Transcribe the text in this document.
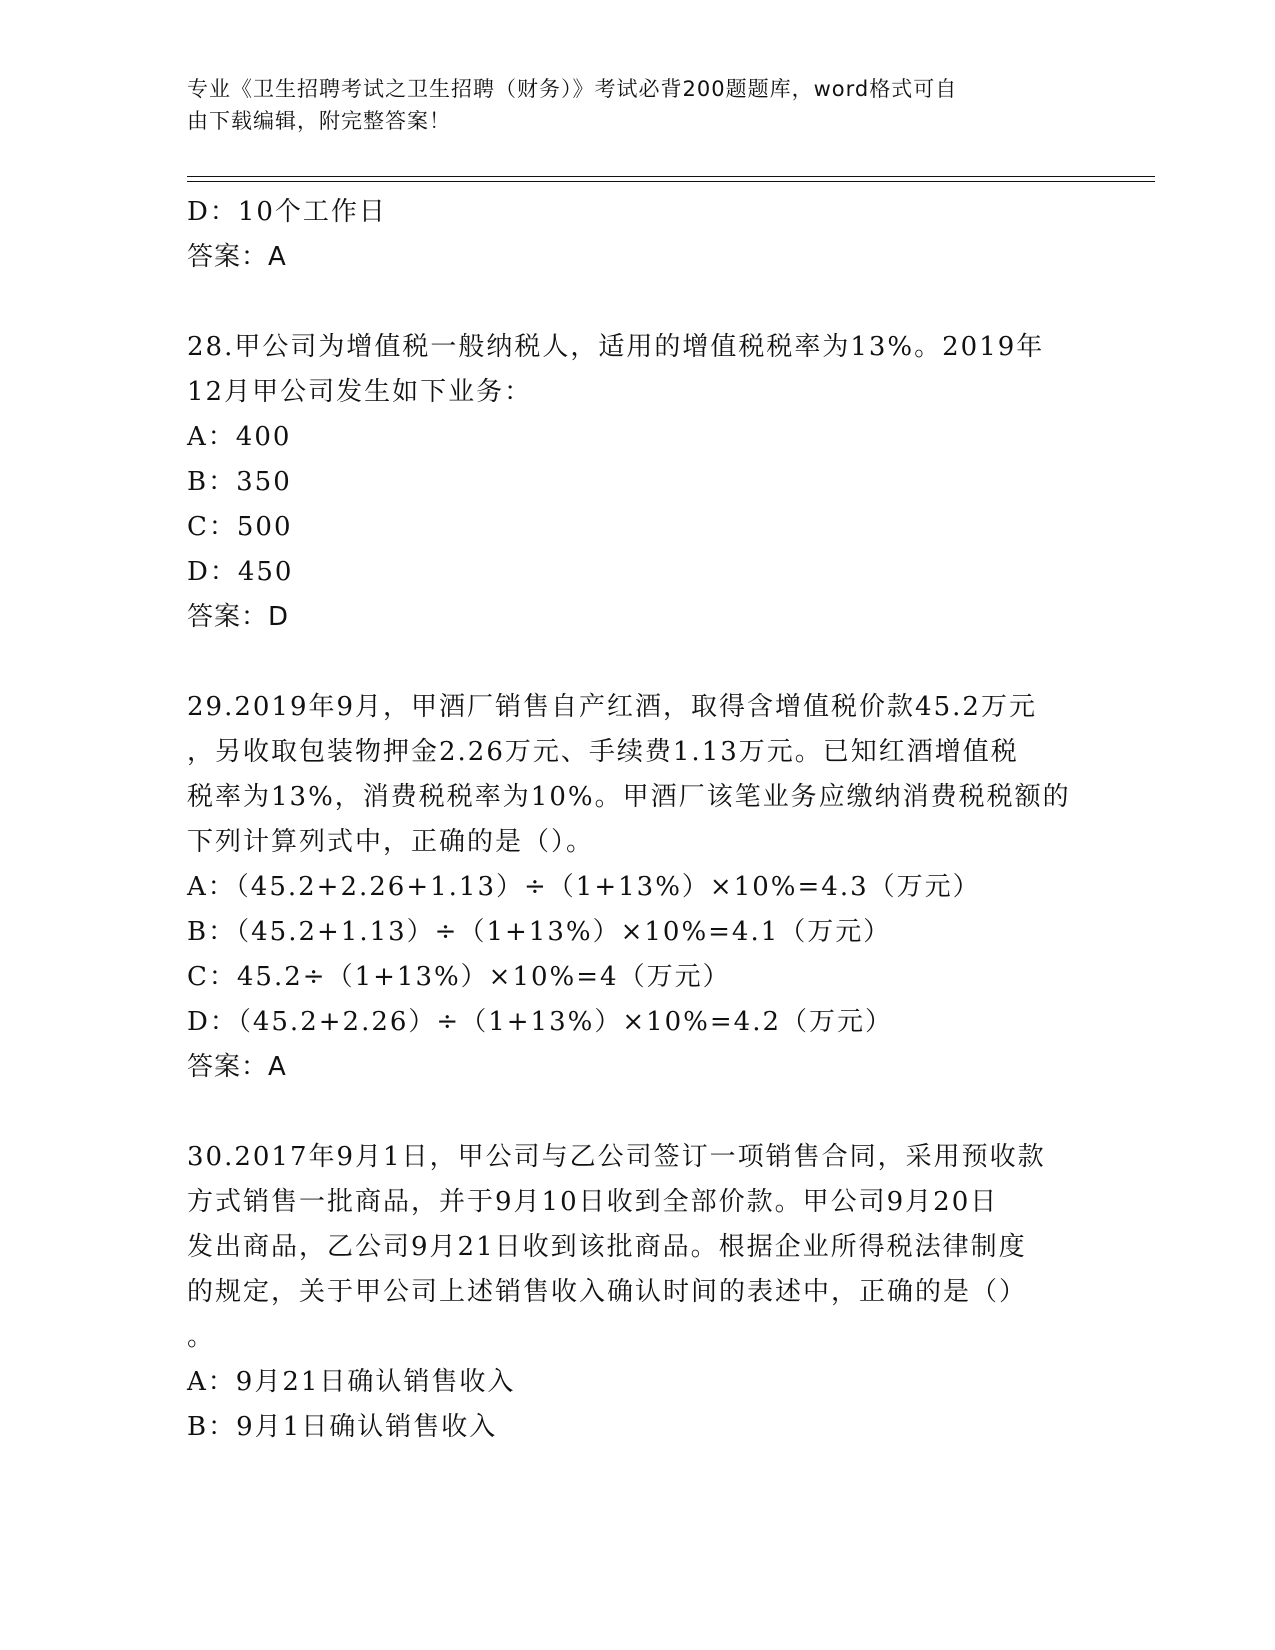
专业《卫生招聘考试之卫生招聘（财务）》考试必背200题题库，word格式可自
由下载编辑，附完整答案！
D：10个工作日
答案：A
28.甲公司为增值税一般纳税人，适用的增值税税率为13%。2019年
12月甲公司发生如下业务：
A：400
B：350
C：500
D：450
答案：D
29.2019年9月，甲酒厂销售自产红酒，取得含增值税价款45.2万元
，另收取包装物押金2.26万元、手续费1.13万元。已知红酒增值税
税率为13%，消费税税率为10%。甲酒厂该笔业务应缴纳消费税税额的
下列计算列式中，正确的是（）。
A：（45.2+2.26+1.13）÷（1+13%）×10%=4.3（万元）
B：（45.2+1.13）÷（1+13%）×10%=4.1（万元）
C：45.2÷（1+13%）×10%=4（万元）
D：（45.2+2.26）÷（1+13%）×10%=4.2（万元）
答案：A
30.2017年9月1日，甲公司与乙公司签订一项销售合同，采用预收款
方式销售一批商品，并于9月10日收到全部价款。甲公司9月20日
发出商品，乙公司9月21日收到该批商品。根据企业所得税法律制度
的规定，关于甲公司上述销售收入确认时间的表述中，正确的是（）
。
A：9月21日确认销售收入
B：9月1日确认销售收入
